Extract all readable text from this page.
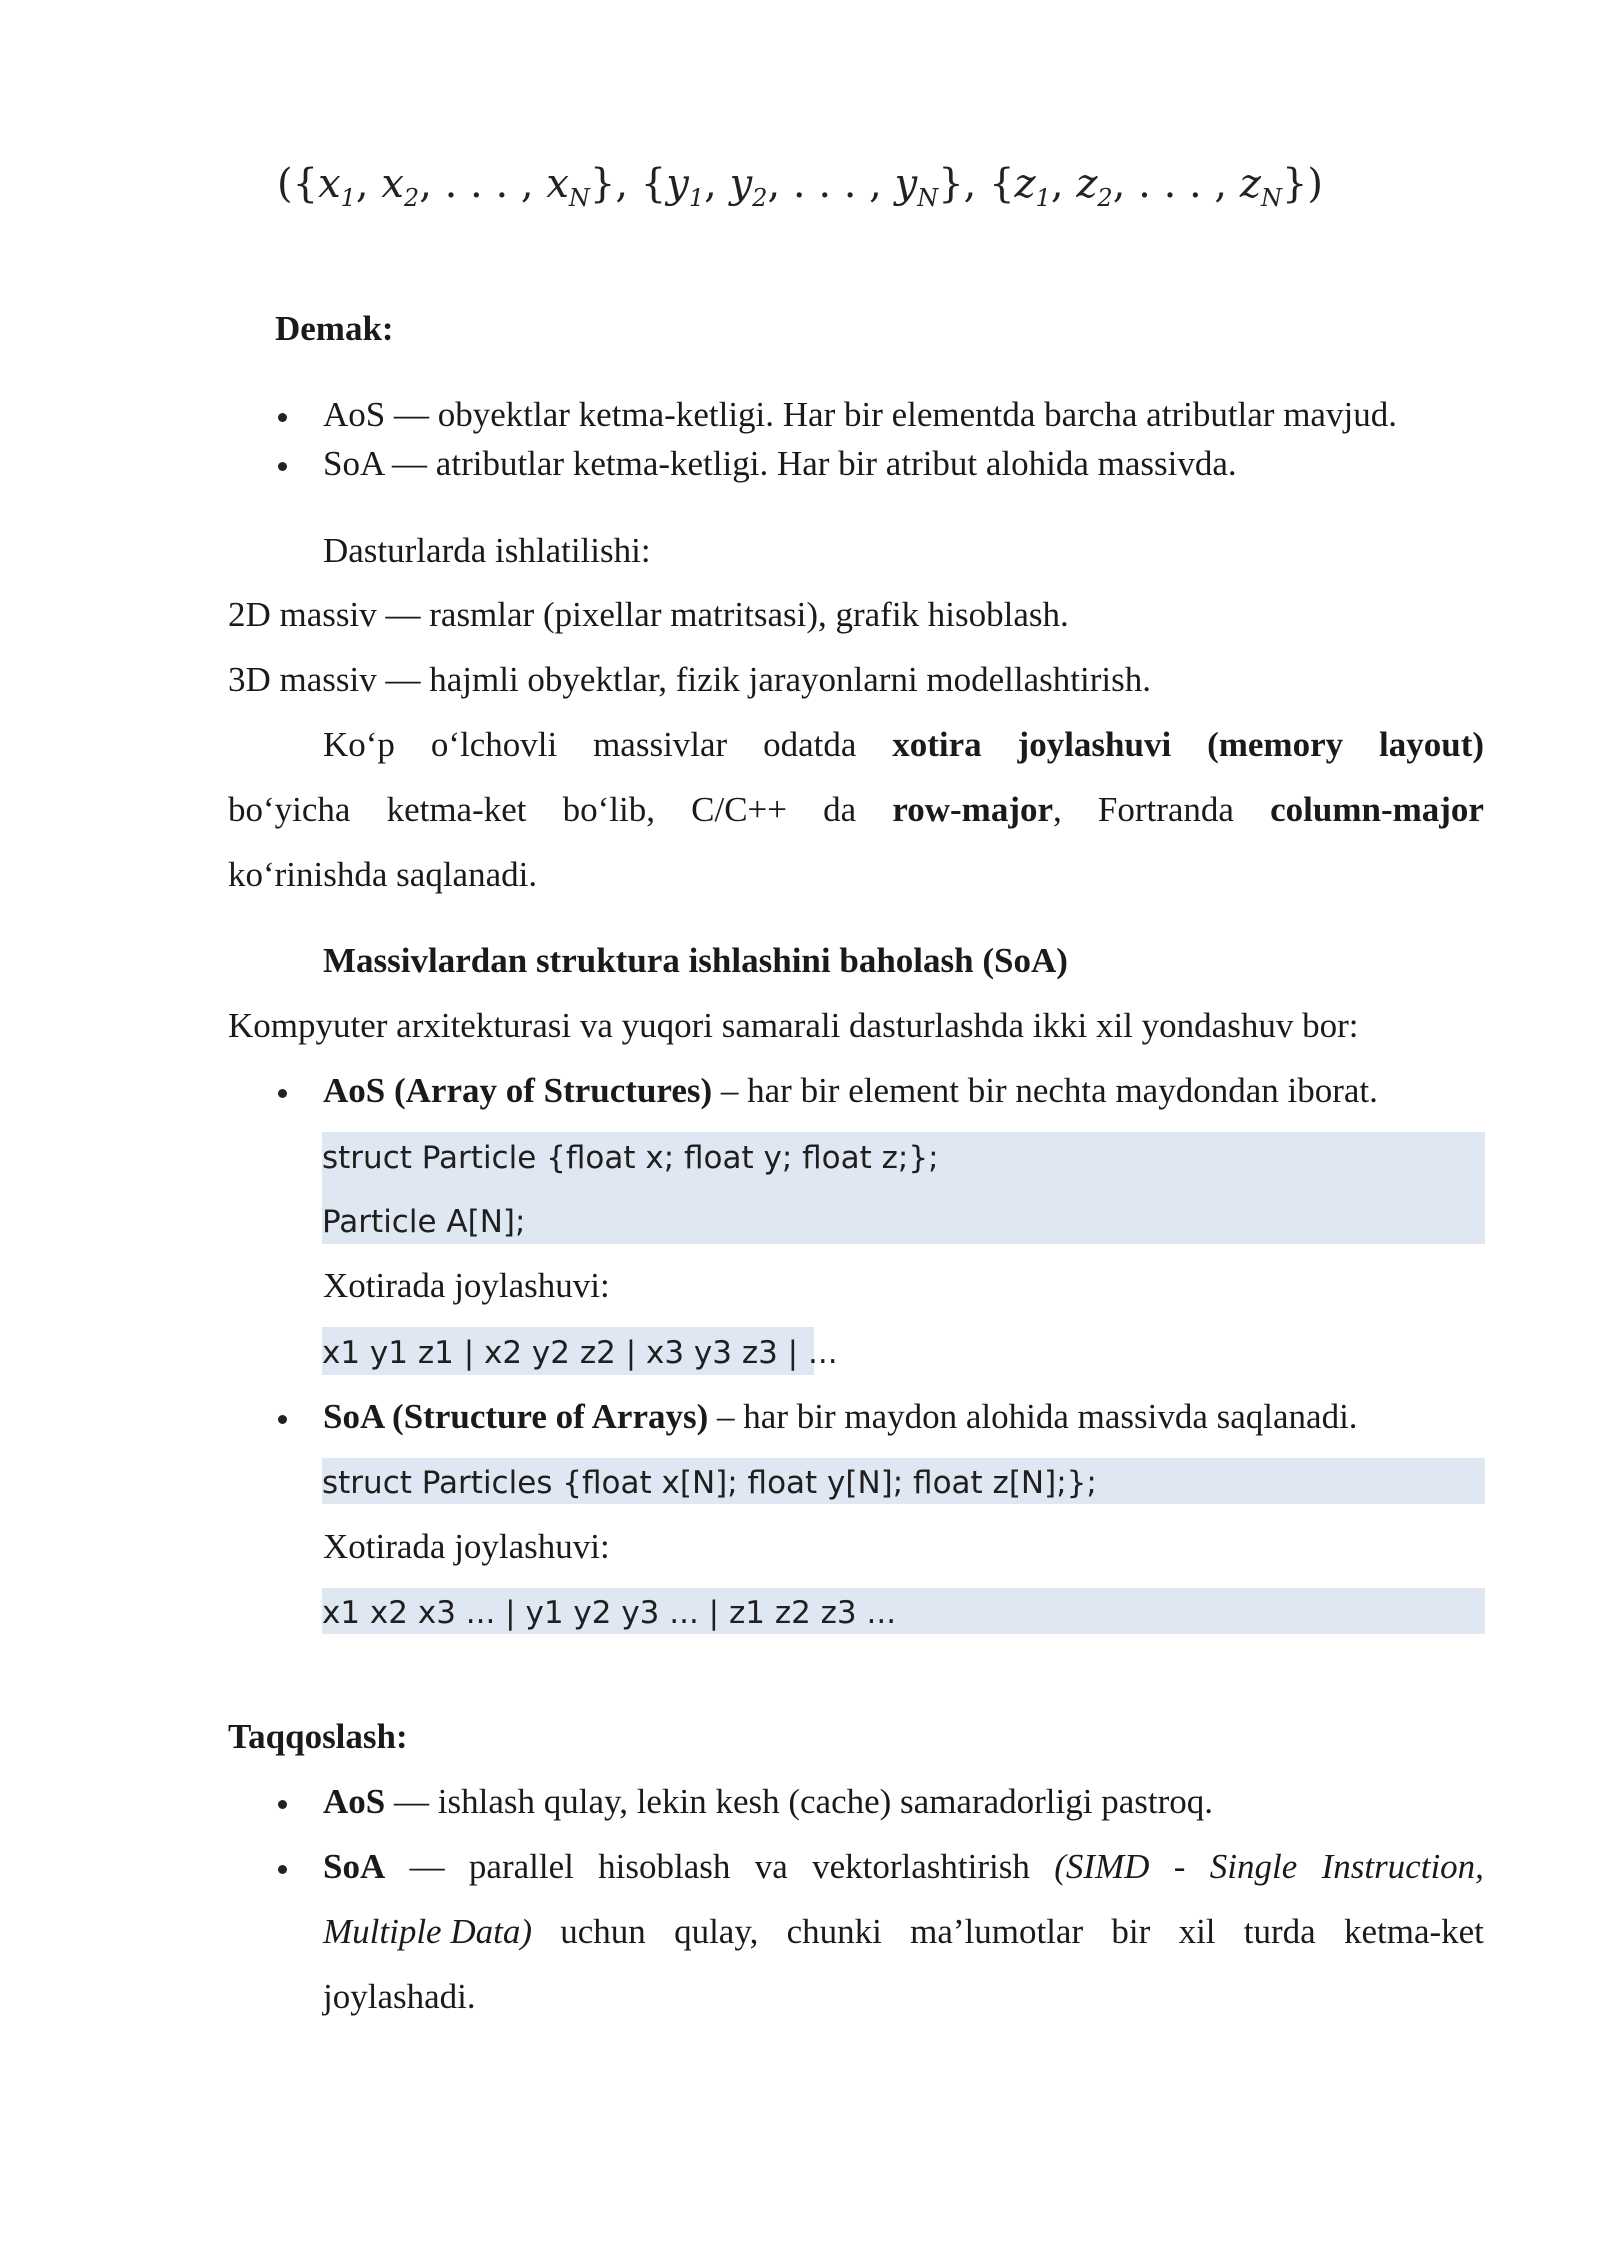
({$x_1$, $x_2$, . . . , $x_N$}, {$y_1$, $y_2$, . . . , $y_N$}, {$z_1$, $z_2$, . . . , $z_N$})
Demak:
AoS — obyektlar ketma-ketligi. Har bir elementda barcha atributlar mavjud.
SoA — atributlar ketma-ketligi. Har bir atribut alohida massivda.
Dasturlarda ishlatilishi:
2D massiv — rasmlar (pixellar matritsasi), grafik hisoblash.
3D massiv — hajmli obyektlar, fizik jarayonlarni modellashtirish.
Ko‘p o‘lchovli massivlar odatda xotira joylashuvi (memory layout)
bo‘yicha ketma-ket bo‘lib, C/C++ da row-major, Fortranda column-major
ko‘rinishda saqlanadi.
Massivlardan struktura ishlashini baholash (SoA)
Kompyuter arxitekturasi va yuqori samarali dasturlashda ikki xil yondashuv bor:
AoS (Array of Structures) – har bir element bir nechta maydondan iborat.
struct Particle {float x; float y; float z;};
Particle A[N];
Xotirada joylashuvi:
x1 y1 z1 | x2 y2 z2 | x3 y3 z3 | ...
SoA (Structure of Arrays) – har bir maydon alohida massivda saqlanadi.
struct Particles {float x[N]; float y[N]; float z[N];};
Xotirada joylashuvi:
x1 x2 x3 ... | y1 y2 y3 ... | z1 z2 z3 ...
Taqqoslash:
AoS — ishlash qulay, lekin kesh (cache) samaradorligi pastroq.
SoA — parallel hisoblash va vektorlashtirish (SIMD - Single Instruction,
Multiple Data) uchun qulay, chunki ma’lumotlar bir xil turda ketma-ket
joylashadi.
